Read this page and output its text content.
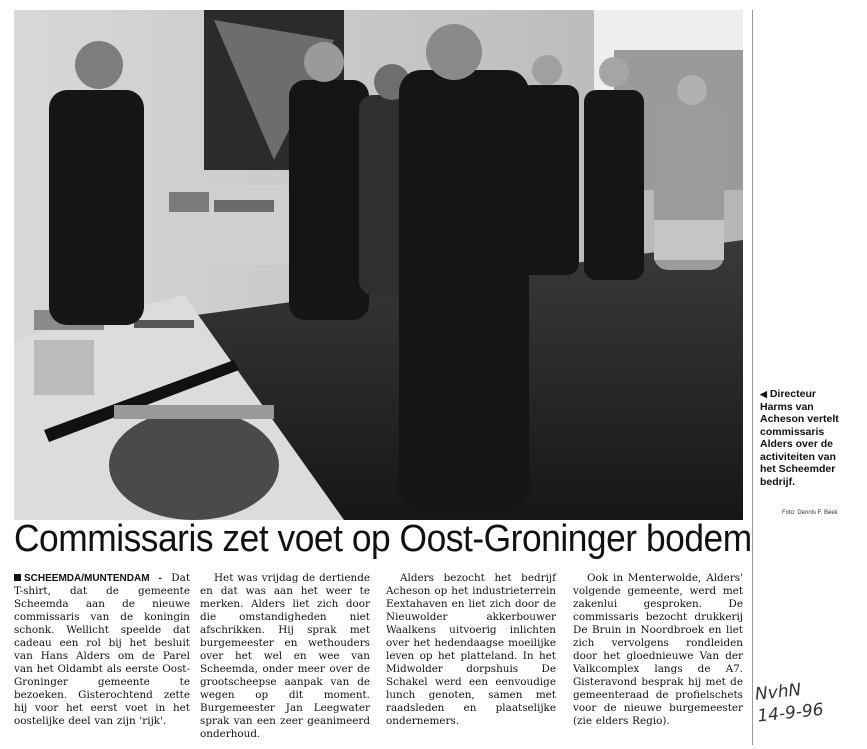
◀ Directeur Harms van Acheson vertelt commissaris Alders over de activiteiten van het Scheemder bedrijf.
Foto: Dennis F. Beek
Commissaris zet voet op Oost-Groninger bodem

SCHEEMDA/MUNTENDAM - Dat T-shirt, dat de gemeente Scheemda aan de nieuwe commissaris van de koningin schonk. Wellicht speelde dat cadeau een rol bij het besluit van Hans Alders om de Parel van het Oldambt als eerste Oost-Groninger gemeente te bezoeken. Gisterochtend zette hij voor het eerst voet in het oostelijke deel van zijn 'rijk'.

Het was vrijdag de dertiende en dat was aan het weer te merken. Alders liet zich door die omstandigheden niet afschrikken. Hij sprak met burgemeester en wethouders over het wel en wee van Scheemda, onder meer over de grootscheepse aanpak van de wegen op dit moment. Burgemeester Jan Leegwater sprak van een zeer geanimeerd onderhoud.

Alders bezocht het bedrijf Acheson op het industrieterrein Eextahaven en liet zich door de Nieuwolder akkerbouwer Waalkens uitvoerig inlichten over het hedendaagse moeilijke leven op het platteland. In het Midwolder dorpshuis De Schakel werd een eenvoudige lunch genoten, samen met raadsleden en plaatselijke ondernemers.

Ook in Menterwolde, Alders' volgende gemeente, werd met zakenlui gesproken. De commissaris bezocht drukkerij De Bruin in Noordbroek en liet zich vervolgens rondleiden door het gloednieuwe Van der Valkcomplex langs de A7. Gisteravond besprak hij met de gemeenteraad de profielschets voor de nieuwe burgemeester (zie elders Regio).

NvhN
14-9-96
